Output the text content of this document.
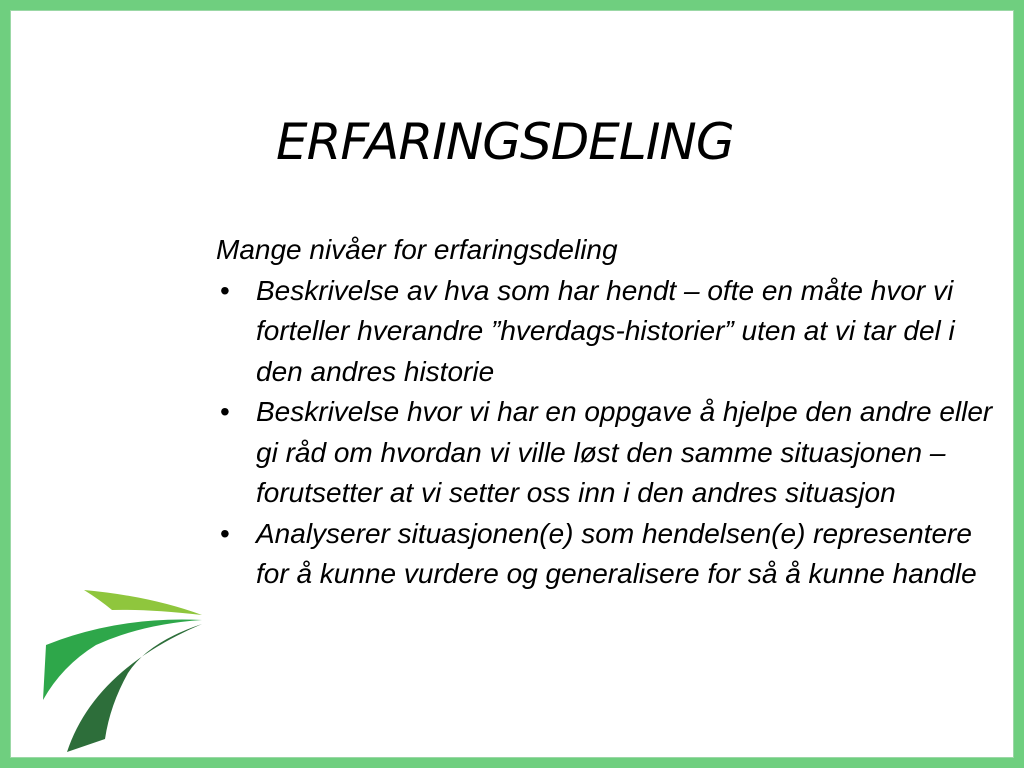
ERFARINGSDELING

Mange nivåer for erfaringsdeling

• Beskrivelse av hva som har hendt – ofte en måte hvor vi forteller hverandre ”hverdags-historier” uten at vi tar del i den andres historie
• Beskrivelse hvor vi har en oppgave å hjelpe den andre eller gi råd om hvordan vi ville løst den samme situasjonen – forutsetter at vi setter oss inn i den andres situasjon
• Analyserer situasjonen(e) som hendelsen(e) representere for å kunne vurdere og generalisere for så å kunne handle
